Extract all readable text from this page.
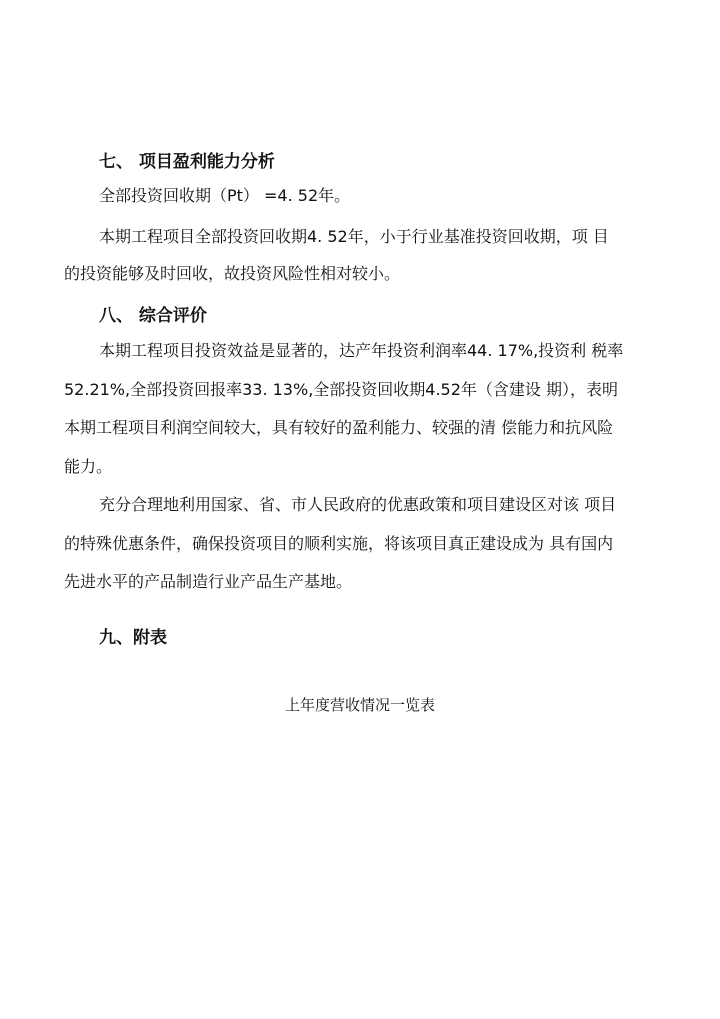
七、 项目盈利能力分析

全部投资回收期（Pt） =4. 52年。

本期工程项目全部投资回收期4. 52年，小于行业基准投资回收期，项 目

的投资能够及时回收，故投资风险性相对较小。

八、 综合评价

本期工程项目投资效益是显著的，达产年投资利润率44. 17%,投资利 税率

52.21%,全部投资回报率33. 13%,全部投资回收期4.52年（含建设 期），表明

本期工程项目利润空间较大，具有较好的盈利能力、较强的清 偿能力和抗风险

能力。

充分合理地利用国家、省、市人民政府的优惠政策和项目建设区对该 项目

的特殊优惠条件，确保投资项目的顺利实施，将该项目真正建设成为 具有国内

先进水平的产品制造行业产品生产基地。

九、附表

上年度营收情况一览表
